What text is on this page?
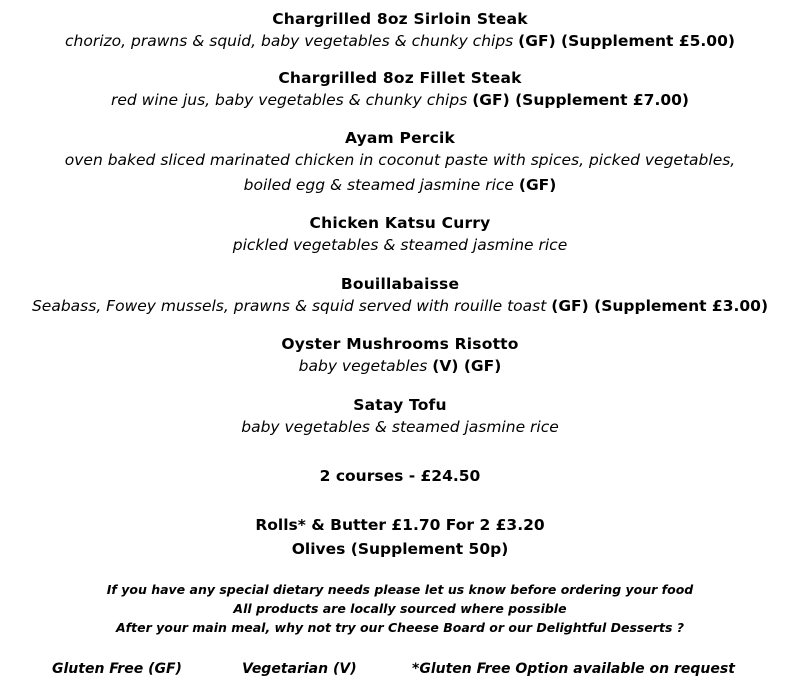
Chargrilled 8oz Sirloin Steak
chorizo, prawns & squid, baby vegetables & chunky chips (GF) (Supplement £5.00)
Chargrilled 8oz Fillet Steak
red wine jus, baby vegetables & chunky chips (GF) (Supplement £7.00)
Ayam Percik
oven baked sliced marinated chicken in coconut paste with spices, picked vegetables,
boiled egg & steamed jasmine rice (GF)
Chicken Katsu Curry
pickled vegetables & steamed jasmine rice
Bouillabaisse
Seabass, Fowey mussels, prawns & squid served with rouille toast (GF) (Supplement £3.00)
Oyster Mushrooms Risotto
baby vegetables (V) (GF)
Satay Tofu
baby vegetables & steamed jasmine rice
2 courses - £24.50
Rolls* & Butter £1.70 For 2 £3.20
Olives (Supplement 50p)
If you have any special dietary needs please let us know before ordering your food
All products are locally sourced where possible
After your main meal, why not try our Cheese Board or our Delightful Desserts ?
Gluten Free (GF)	Vegetarian (V)	*Gluten Free Option available on request
